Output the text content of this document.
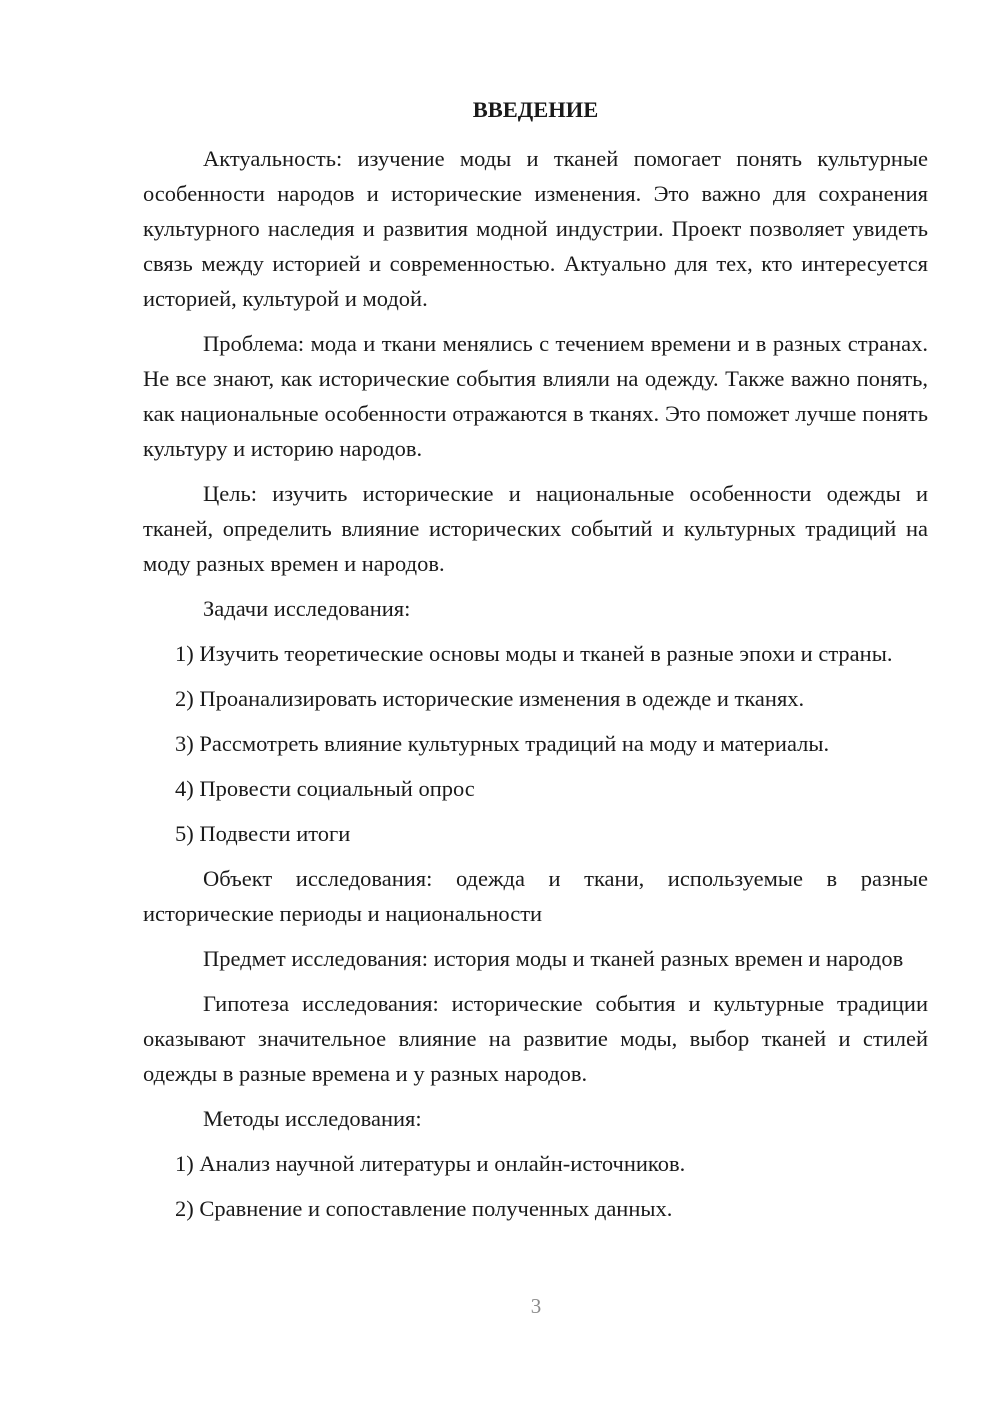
ВВЕДЕНИЕ

Актуальность: изучение моды и тканей помогает понять культурные особенности народов и исторические изменения. Это важно для сохранения культурного наследия и развития модной индустрии. Проект позволяет увидеть связь между историей и современностью. Актуально для тех, кто интересуется историей, культурой и модой.

Проблема: мода и ткани менялись с течением времени и в разных странах. Не все знают, как исторические события влияли на одежду. Также важно понять, как национальные особенности отражаются в тканях. Это поможет лучше понять культуру и историю народов.

Цель: изучить исторические и национальные особенности одежды и тканей, определить влияние исторических событий и культурных традиций на моду разных времен и народов.

Задачи исследования:

1) Изучить теоретические основы моды и тканей в разные эпохи и страны.

2) Проанализировать исторические изменения в одежде и тканях.

3) Рассмотреть влияние культурных традиций на моду и материалы.

4) Провести социальный опрос

5) Подвести итоги

Объект исследования: одежда и ткани, используемые в разные исторические периоды и национальности

Предмет исследования: история моды и тканей разных времен и народов

Гипотеза исследования: исторические события и культурные традиции оказывают значительное влияние на развитие моды, выбор тканей и стилей одежды в разные времена и у разных народов.

Методы исследования:

1) Анализ научной литературы и онлайн-источников.

2) Сравнение и сопоставление полученных данных.

3
